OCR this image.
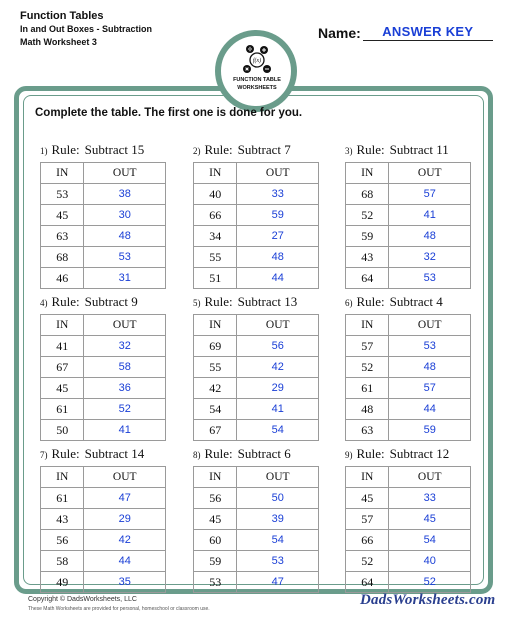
Function Tables
In and Out Boxes - Subtraction
Math Worksheet 3
Name:	ANSWER KEY
f(x)
FUNCTION TABLE
WORKSHEETS
Complete the table. The first one is done for you.
1) Rule: Subtract 15
IN	OUT
53	38
45	30
63	48
68	53
46	31
2) Rule: Subtract 7
IN	OUT
40	33
66	59
34	27
55	48
51	44
3) Rule: Subtract 11
IN	OUT
68	57
52	41
59	48
43	32
64	53
4) Rule: Subtract 9
IN	OUT
41	32
67	58
45	36
61	52
50	41
5) Rule: Subtract 13
IN	OUT
69	56
55	42
42	29
54	41
67	54
6) Rule: Subtract 4
IN	OUT
57	53
52	48
61	57
48	44
63	59
7) Rule: Subtract 14
IN	OUT
61	47
43	29
56	42
58	44
49	35
8) Rule: Subtract 6
IN	OUT
56	50
45	39
60	54
59	53
53	47
9) Rule: Subtract 12
IN	OUT
45	33
57	45
66	54
52	40
64	52
Copyright © DadsWorksheets, LLC
These Math Worksheets are provided for personal, homeschool or classroom use.
DadsWorksheets.com
